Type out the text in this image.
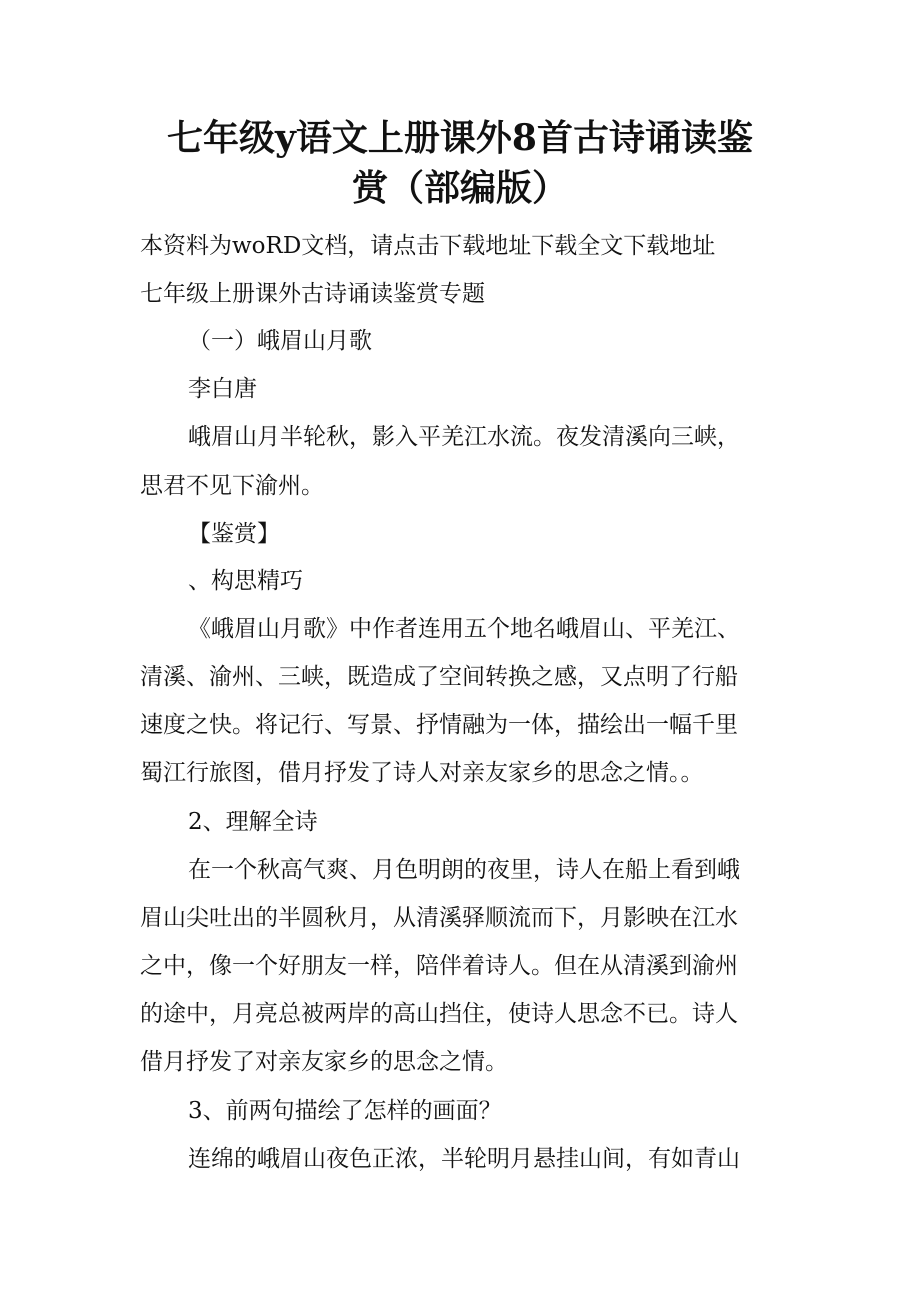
七年级y语文上册课外8首古诗诵读鉴
赏（部编版）

本资料为woRD文档，请点击下载地址下载全文下载地址

七年级上册课外古诗诵读鉴赏专题

（一）峨眉山月歌

李白唐

峨眉山月半轮秋，影入平羌江水流。夜发清溪向三峡，

思君不见下渝州。

【鉴赏】

、构思精巧

《峨眉山月歌》中作者连用五个地名峨眉山、平羌江、

清溪、渝州、三峡，既造成了空间转换之感，又点明了行船

速度之快。将记行、写景、抒情融为一体，描绘出一幅千里

蜀江行旅图，借月抒发了诗人对亲友家乡的思念之情。。

2、理解全诗

在一个秋高气爽、月色明朗的夜里，诗人在船上看到峨

眉山尖吐出的半圆秋月，从清溪驿顺流而下，月影映在江水

之中，像一个好朋友一样，陪伴着诗人。但在从清溪到渝州

的途中，月亮总被两岸的高山挡住，使诗人思念不已。诗人

借月抒发了对亲友家乡的思念之情。

3、前两句描绘了怎样的画面？

连绵的峨眉山夜色正浓，半轮明月悬挂山间，有如青山
